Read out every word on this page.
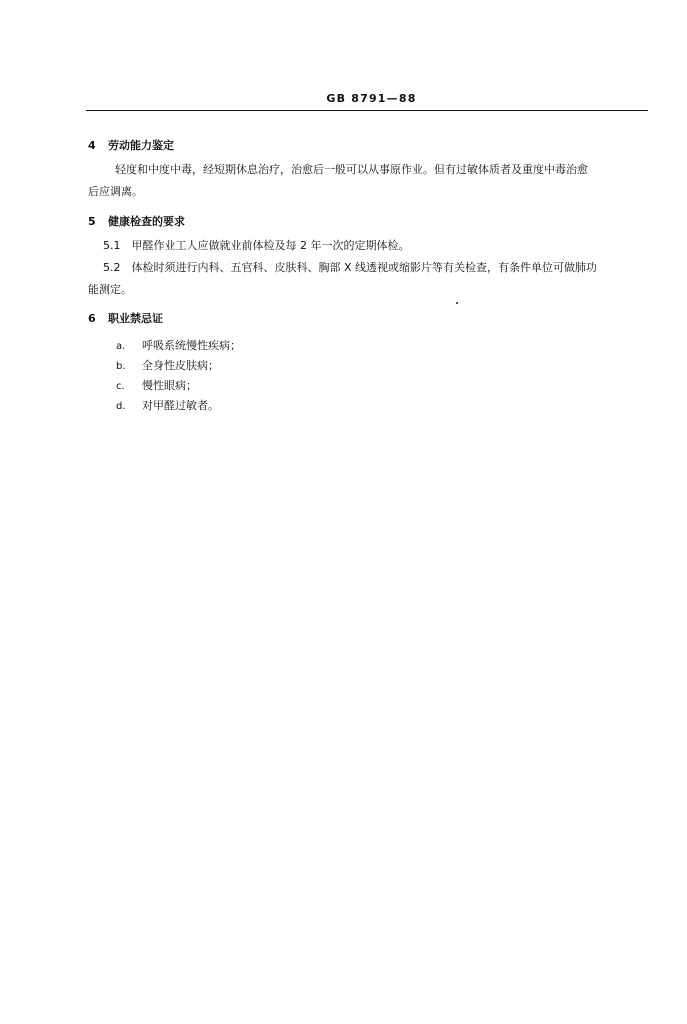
GB 8791—88
4 劳动能力鉴定
轻度和中度中毒，经短期休息治疗，治愈后一般可以从事原作业。但有过敏体质者及重度中毒治愈
后应调离。
5 健康检查的要求
5.1　甲醛作业工人应做就业前体检及每 2 年一次的定期体检。
5.2　体检时须进行内科、五官科、皮肤科、胸部 X 线透视或缩影片等有关检查，有条件单位可做肺功
能测定。
6 职业禁忌证
a. 呼吸系统慢性疾病；
b. 全身性皮肤病；
c. 慢性眼病；
d. 对甲醛过敏者。
